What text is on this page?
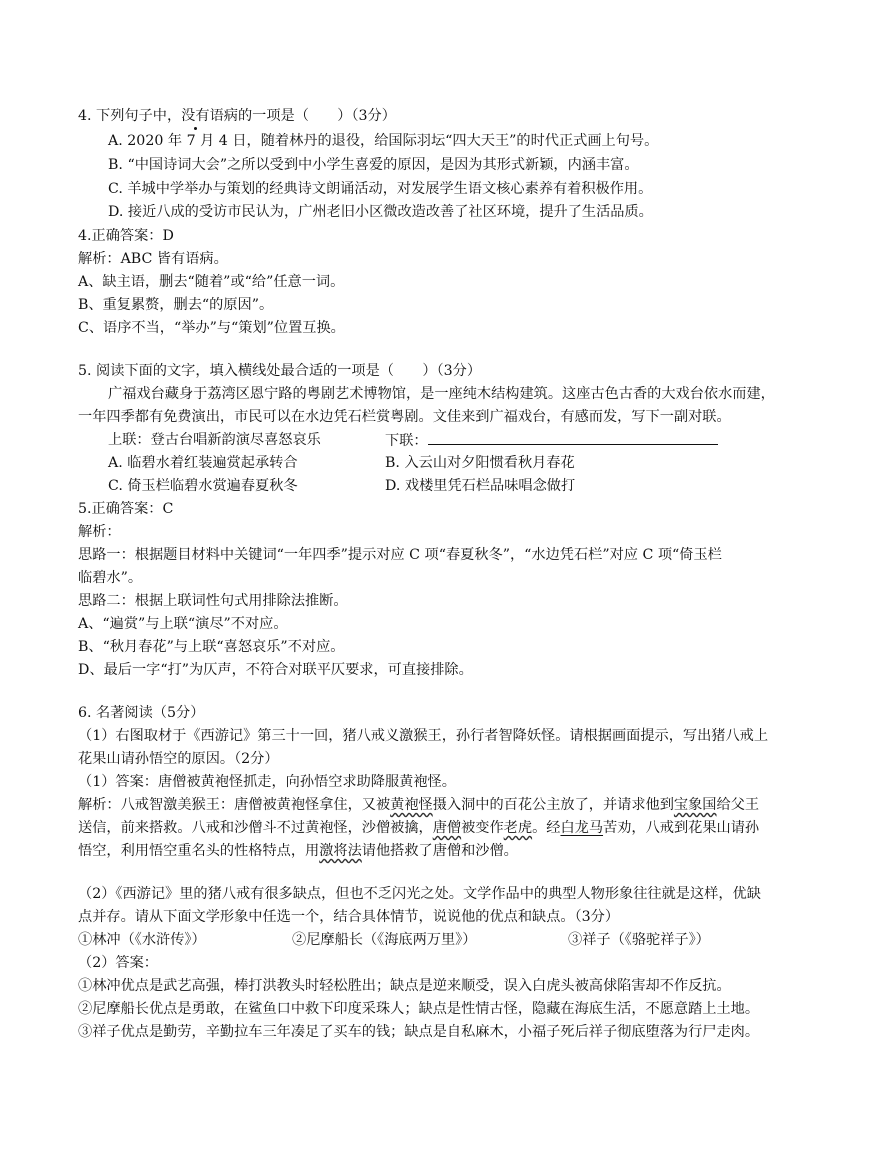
4. 下列句子中，没有语病的一项是（　　）（3分）
A. 2020 年 7 月 4 日，随着林丹的退役，给国际羽坛“四大天王”的时代正式画上句号。
B. “中国诗词大会”之所以受到中小学生喜爱的原因，是因为其形式新颖，内涵丰富。
C. 羊城中学举办与策划的经典诗文朗诵活动，对发展学生语文核心素养有着积极作用。
D. 接近八成的受访市民认为，广州老旧小区微改造改善了社区环境，提升了生活品质。
4.正确答案：D
解析：ABC 皆有语病。
A、缺主语，删去“随着”或“给”任意一词。
B、重复累赘，删去“的原因”。
C、语序不当，“举办”与“策划”位置互换。
5. 阅读下面的文字，填入横线处最合适的一项是（　　）（3分）
广福戏台藏身于荔湾区恩宁路的粤剧艺术博物馆，是一座纯木结构建筑。这座古色古香的大戏台依水而建，
一年四季都有免费演出，市民可以在水边凭石栏赏粤剧。文佳来到广福戏台，有感而发，写下一副对联。
上联：登古台唱新韵演尽喜怒哀乐	下联：
A. 临碧水着红装遍赏起承转合	B. 入云山对夕阳惯看秋月春花
C. 倚玉栏临碧水赏遍春夏秋冬	D. 戏楼里凭石栏品味唱念做打
5.正确答案：C
解析：
思路一：根据题目材料中关键词“一年四季”提示对应 C 项“春夏秋冬”，“水边凭石栏”对应 C 项“倚玉栏
临碧水”。
思路二：根据上联词性句式用排除法推断。
A、“遍赏”与上联“演尽”不对应。
B、“秋月春花”与上联“喜怒哀乐”不对应。
D、最后一字“打”为仄声，不符合对联平仄要求，可直接排除。
6. 名著阅读（5分）
（1）右图取材于《西游记》第三十一回，猪八戒义激猴王，孙行者智降妖怪。请根据画面提示，写出猪八戒上
花果山请孙悟空的原因。（2分）
（1）答案：唐僧被黄袍怪抓走，向孙悟空求助降服黄袍怪。
解析：八戒智激美猴王：唐僧被黄袍怪拿住，又被黄袍怪摄入洞中的百花公主放了，并请求他到宝象国给父王
送信，前来搭救。八戒和沙僧斗不过黄袍怪，沙僧被擒，唐僧被变作老虎。经白龙马苦劝，八戒到花果山请孙
悟空，利用悟空重名头的性格特点，用激将法请他搭救了唐僧和沙僧。
（2）《西游记》里的猪八戒有很多缺点，但也不乏闪光之处。文学作品中的典型人物形象往往就是这样，优缺
点并存。请从下面文学形象中任选一个，结合具体情节，说说他的优点和缺点。（3分）
①林冲（《水浒传》）	②尼摩船长（《海底两万里》）	③祥子（《骆驼祥子》）
（2）答案：
①林冲优点是武艺高强，棒打洪教头时轻松胜出；缺点是逆来顺受，误入白虎头被高俅陷害却不作反抗。
②尼摩船长优点是勇敢，在鲨鱼口中救下印度采珠人；缺点是性情古怪，隐藏在海底生活，不愿意踏上土地。
③祥子优点是勤劳，辛勤拉车三年凑足了买车的钱；缺点是自私麻木，小福子死后祥子彻底堕落为行尸走肉。
